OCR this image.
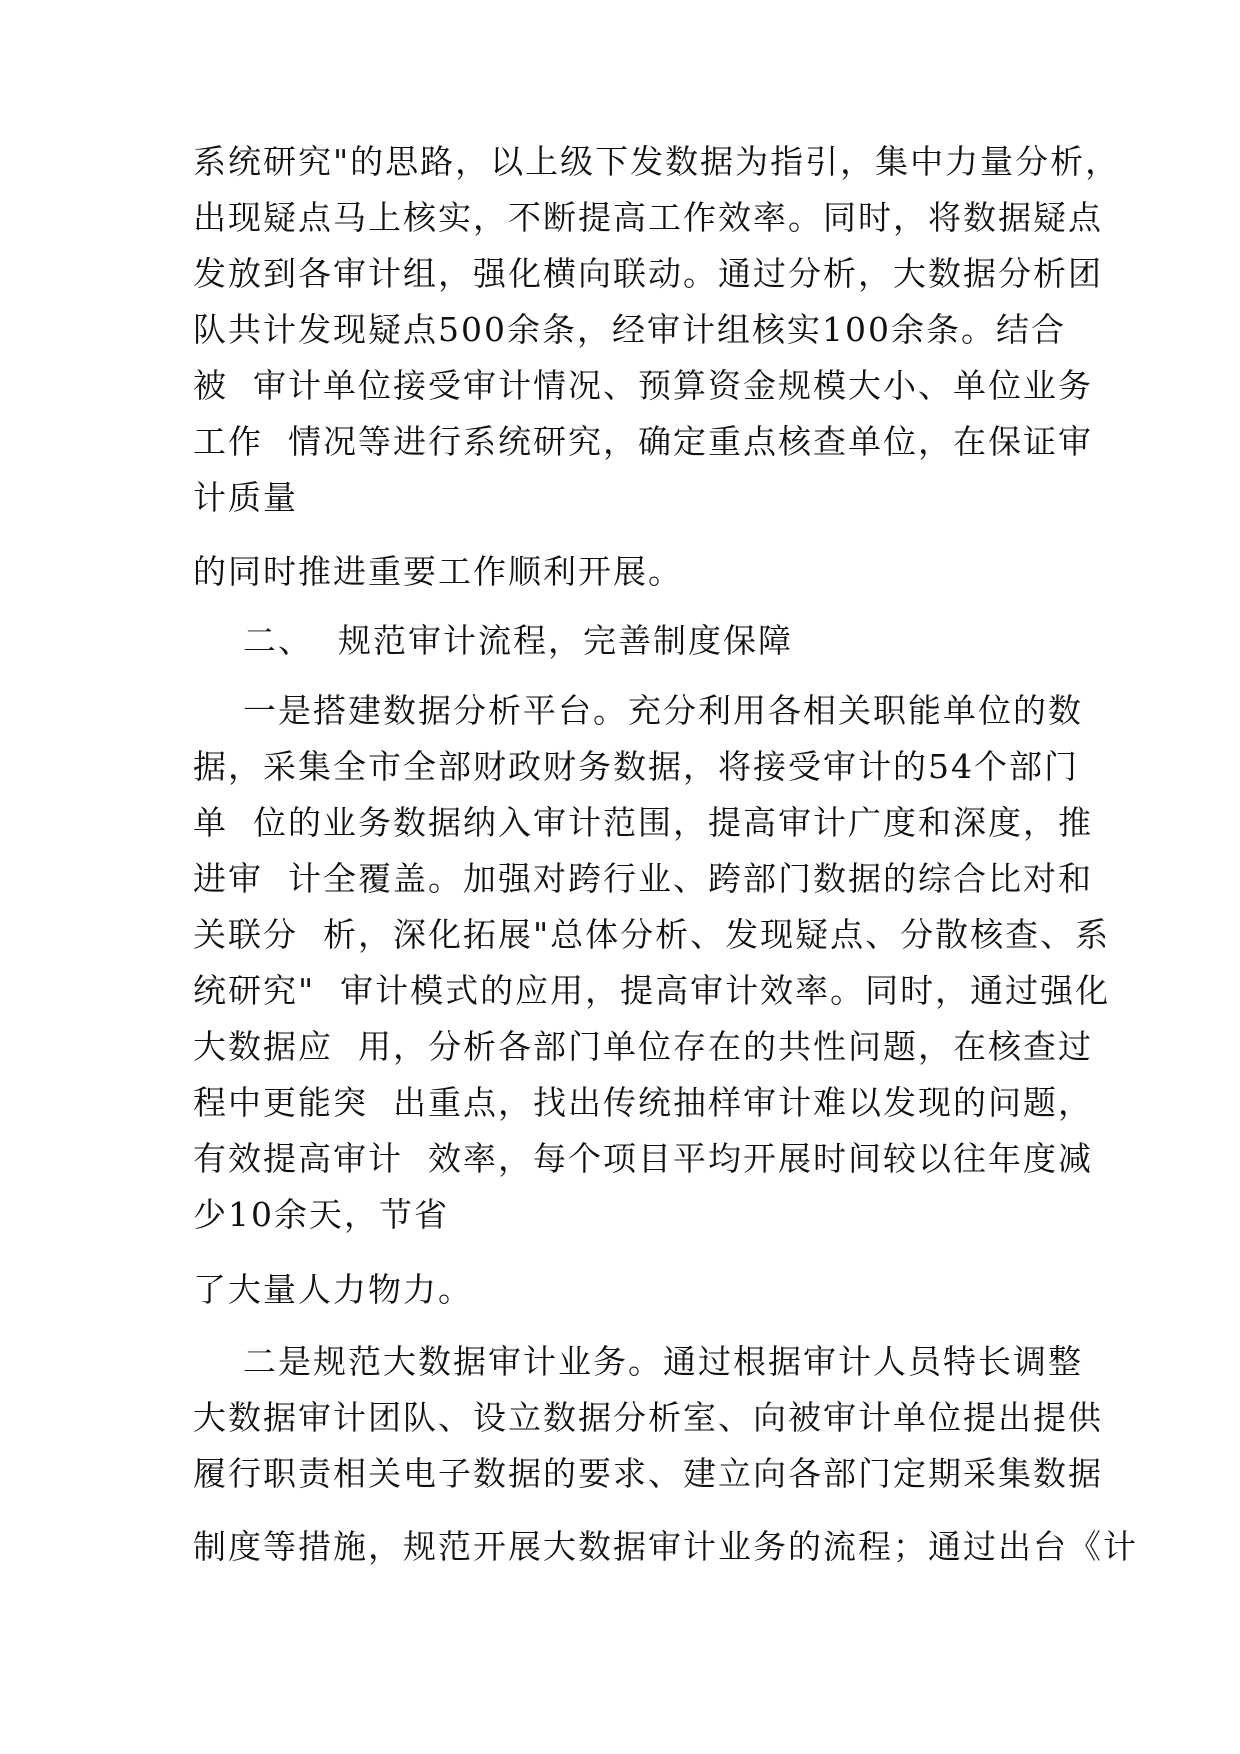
系统研究"的思路，以上级下发数据为指引，集中力量分析，
出现疑点马上核实，不断提高工作效率。同时，将数据疑点
发放到各审计组，强化横向联动。通过分析，大数据分析团
队共计发现疑点500余条，经审计组核实100余条。结合
被  审计单位接受审计情况、预算资金规模大小、单位业务
工作  情况等进行系统研究，确定重点核查单位，在保证审
计质量
的同时推进重要工作顺利开展。
二、  规范审计流程，完善制度保障
一是搭建数据分析平台。充分利用各相关职能单位的数
据，采集全市全部财政财务数据，将接受审计的54个部门
单  位的业务数据纳入审计范围，提高审计广度和深度，推
进审  计全覆盖。加强对跨行业、跨部门数据的综合比对和
关联分  析，深化拓展"总体分析、发现疑点、分散核查、系
统研究"  审计模式的应用，提高审计效率。同时，通过强化
大数据应  用，分析各部门单位存在的共性问题，在核查过
程中更能突  出重点，找出传统抽样审计难以发现的问题，
有效提高审计  效率，每个项目平均开展时间较以往年度减
少10余天，节省
了大量人力物力。
二是规范大数据审计业务。通过根据审计人员特长调整
大数据审计团队、设立数据分析室、向被审计单位提出提供
履行职责相关电子数据的要求、建立向各部门定期采集数据
制度等措施，规范开展大数据审计业务的流程；通过出台《计
